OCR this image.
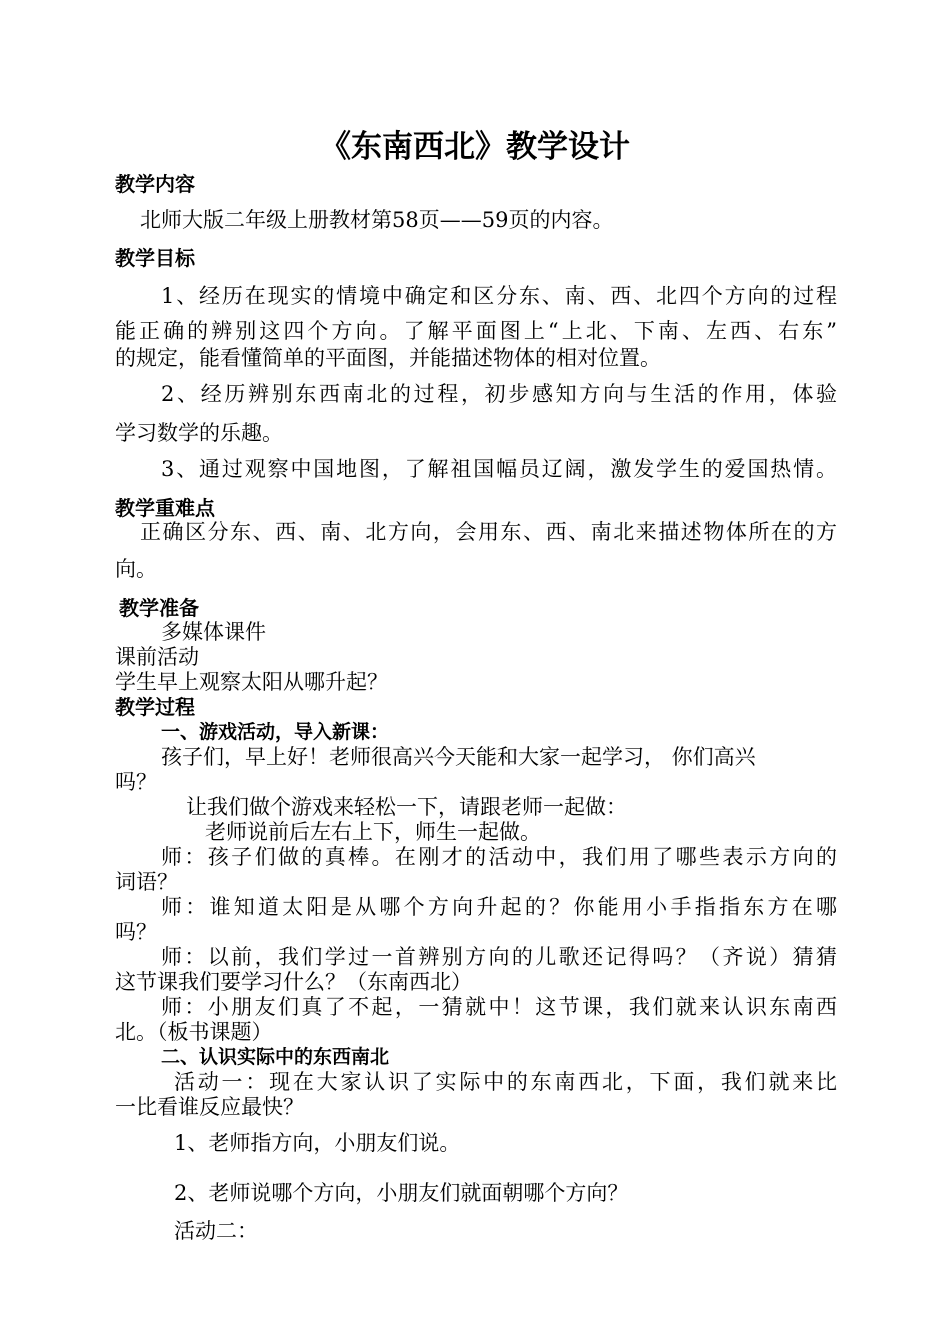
《东南西北》教学设计
教学内容
北师大版二年级上册教材第58页——59页的内容。
教学目标
1、经历在现实的情境中确定和区分东、南、西、北四个方向的过程
能正确的辨别这四个方向。了解平面图上“上北、下南、左西、右东”
的规定，能看懂简单的平面图，并能描述物体的相对位置。
2、经历辨别东西南北的过程，初步感知方向与生活的作用，体验
学习数学的乐趣。
3、通过观察中国地图，了解祖国幅员辽阔，激发学生的爱国热情。
教学重难点
正确区分东、西、南、北方向，会用东、西、南北来描述物体所在的方
向。
教学准备
多媒体课件
课前活动
学生早上观察太阳从哪升起？
教学过程
一、游戏活动，导入新课：
孩子们，早上好！老师很高兴今天能和大家一起学习， 你们高兴
吗？
让我们做个游戏来轻松一下，请跟老师一起做：
老师说前后左右上下，师生一起做。
师：孩子们做的真棒。在刚才的活动中，我们用了哪些表示方向的
词语？
师：谁知道太阳是从哪个方向升起的？你能用小手指指东方在哪
吗？
师：以前，我们学过一首辨别方向的儿歌还记得吗？（齐说）猜猜
这节课我们要学习什么？（东南西北）
师：小朋友们真了不起，一猜就中！这节课，我们就来认识东南西
北。（板书课题）
二、认识实际中的东西南北
活动一：现在大家认识了实际中的东南西北，下面，我们就来比
一比看谁反应最快？
1、老师指方向，小朋友们说。
2、老师说哪个方向，小朋友们就面朝哪个方向？
活动二：
